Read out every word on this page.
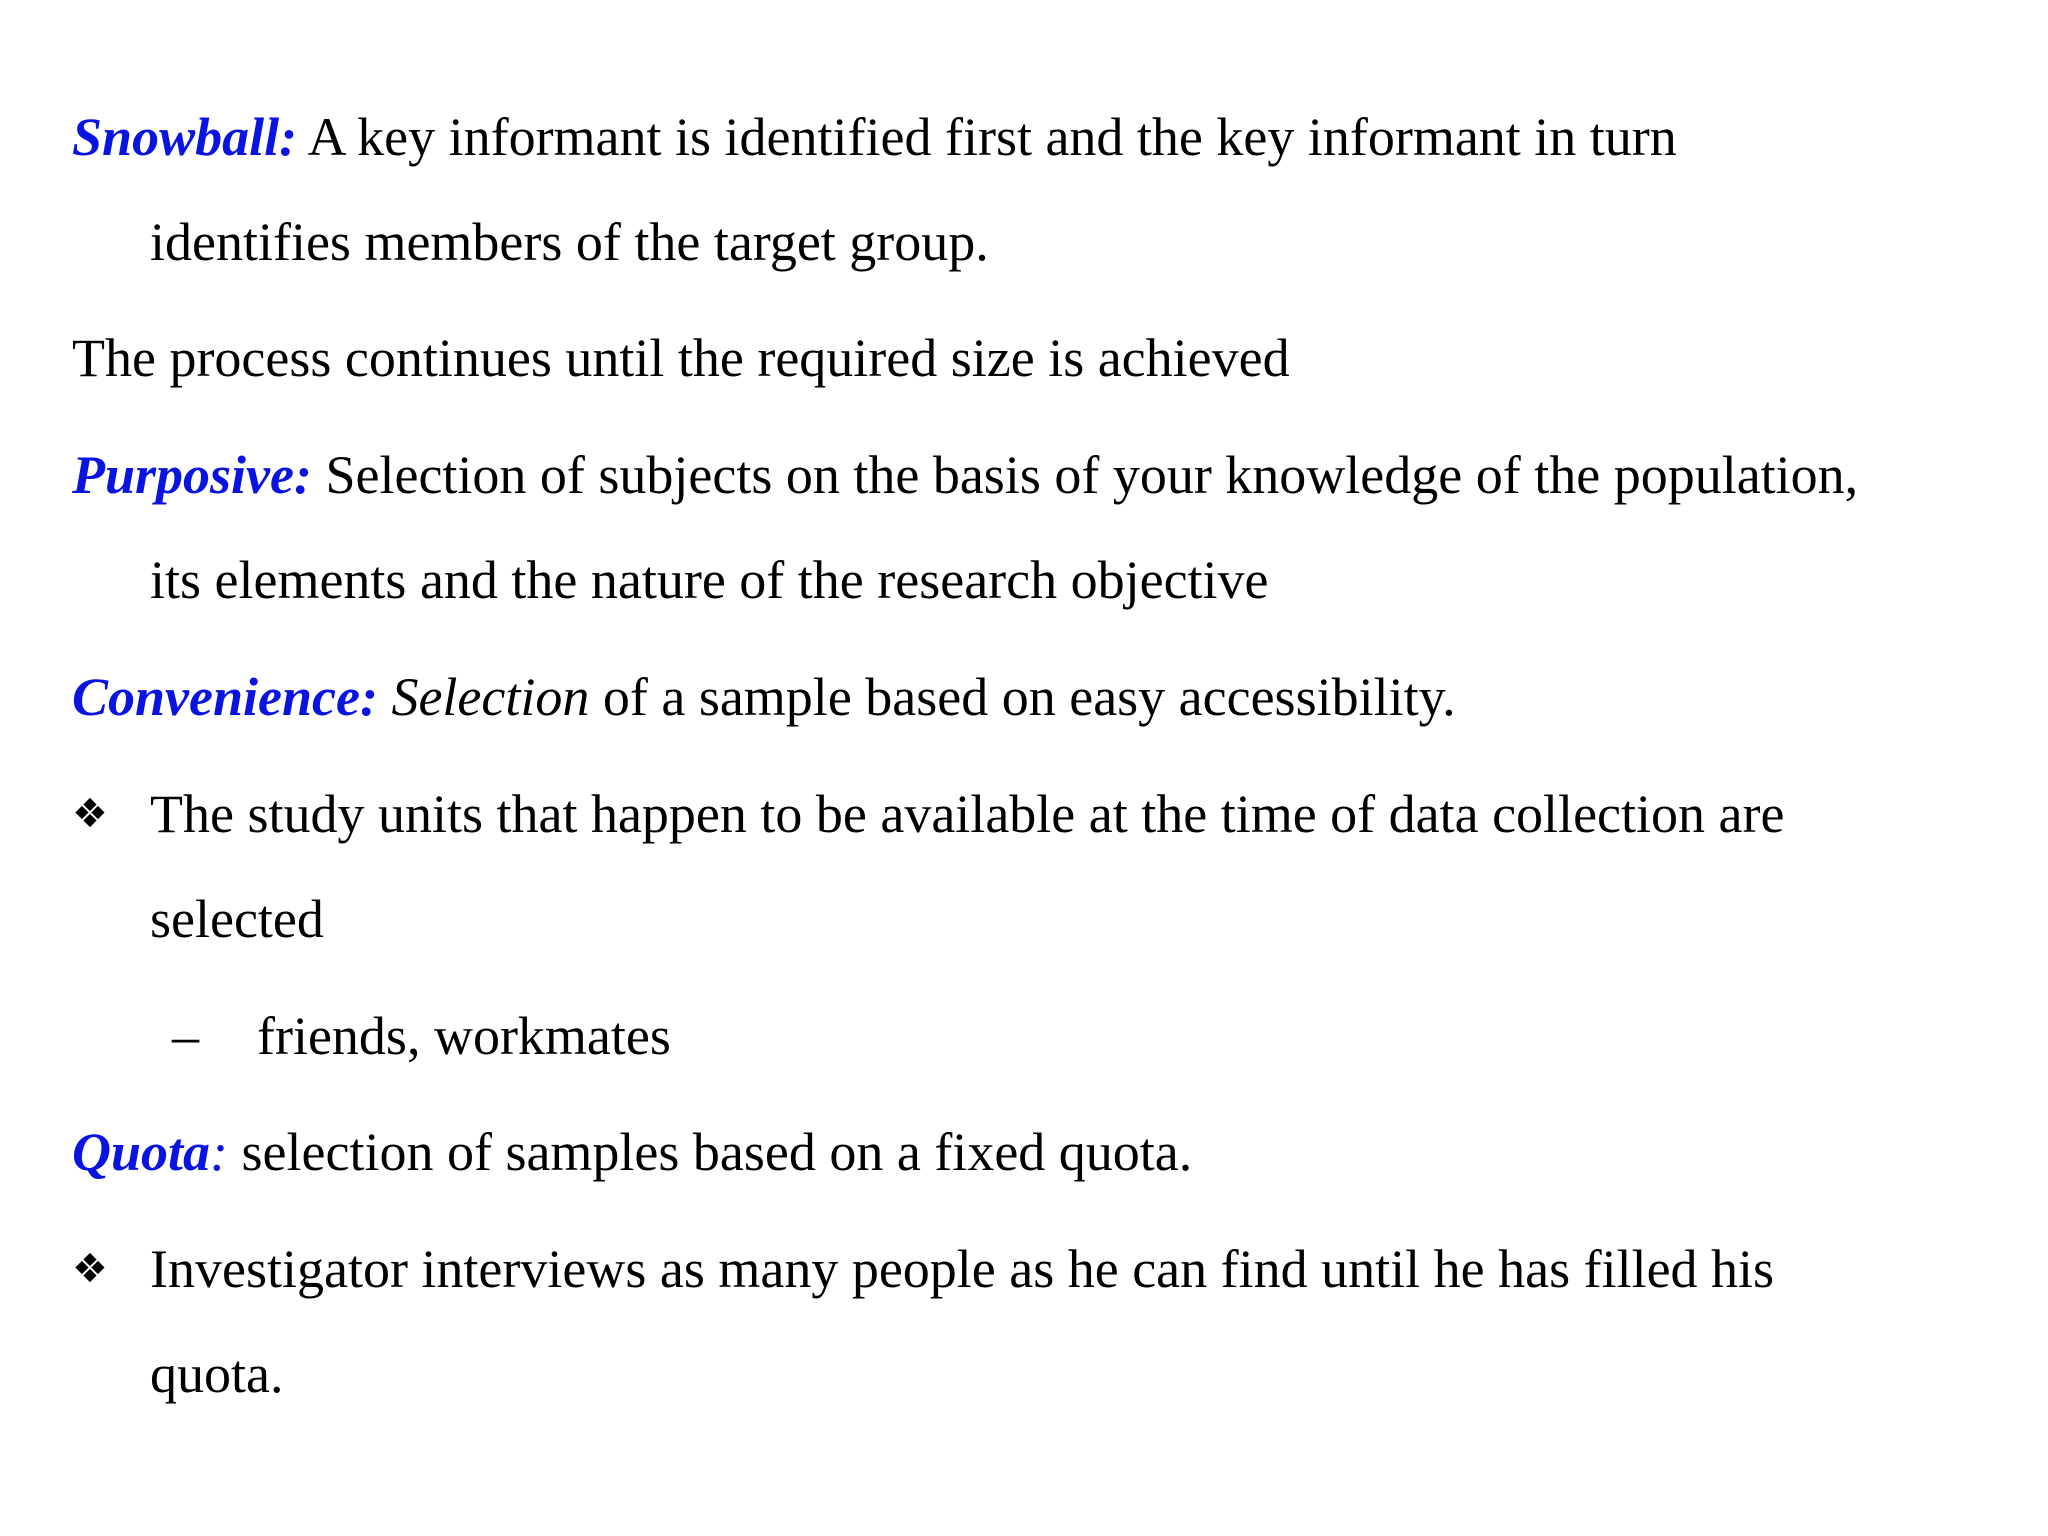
Snowball: A key informant is identified first and the key informant in turn
identifies members of the target group.
The process continues until the required size is achieved
Purposive: Selection of subjects on the basis of your knowledge of the population,
its elements and the nature of the research objective
Convenience: Selection of a sample based on easy accessibility.
❖ The study units that happen to be available at the time of data collection are
selected
– friends, workmates
Quota: selection of samples based on a fixed quota.
❖ Investigator interviews as many people as he can find until he has filled his
quota.
